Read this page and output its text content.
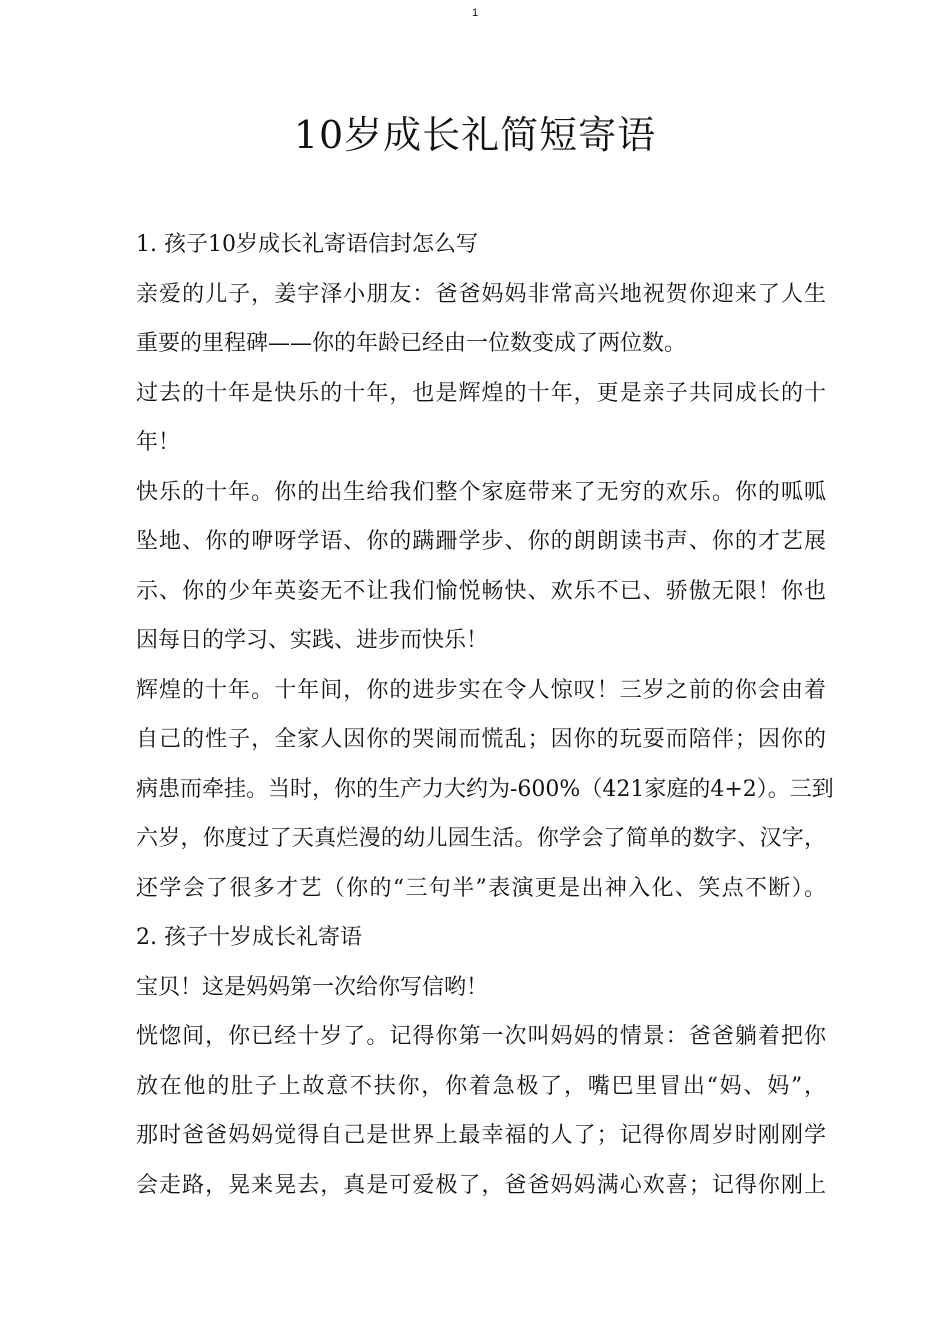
1
10岁成长礼简短寄语
1. 孩子10岁成长礼寄语信封怎么写
亲爱的儿子，姜宇泽小朋友：爸爸妈妈非常高兴地祝贺你迎来了人生
重要的里程碑——你的年龄已经由一位数变成了两位数。
过去的十年是快乐的十年，也是辉煌的十年，更是亲子共同成长的十
年！
快乐的十年。你的出生给我们整个家庭带来了无穷的欢乐。你的呱呱
坠地、你的咿呀学语、你的蹒跚学步、你的朗朗读书声、你的才艺展
示、你的少年英姿无不让我们愉悦畅快、欢乐不已、骄傲无限！你也
因每日的学习、实践、进步而快乐！
辉煌的十年。十年间，你的进步实在令人惊叹！三岁之前的你会由着
自己的性子，全家人因你的哭闹而慌乱；因你的玩耍而陪伴；因你的
病患而牵挂。当时，你的生产力大约为-600%（421家庭的4+2）。三到
六岁，你度过了天真烂漫的幼儿园生活。你学会了简单的数字、汉字，
还学会了很多才艺（你的“三句半”表演更是出神入化、笑点不断）。
2. 孩子十岁成长礼寄语
宝贝！这是妈妈第一次给你写信哟！
恍惚间，你已经十岁了。记得你第一次叫妈妈的情景：爸爸躺着把你
放在他的肚子上故意不扶你，你着急极了，嘴巴里冒出“妈、妈”，
那时爸爸妈妈觉得自己是世界上最幸福的人了；记得你周岁时刚刚学
会走路，晃来晃去，真是可爱极了，爸爸妈妈满心欢喜；记得你刚上
